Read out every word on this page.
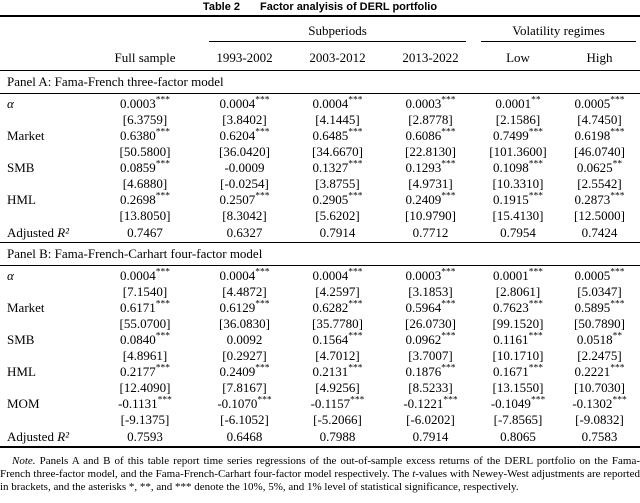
Table 2 Factor analyisis of DERL portfolio

		Subperiods			Volatility regimes	

	Full sample	1993-2002	2003-2012	2013-2022	Low	High
Panel A: Fama-French three-factor model						
α	0.0003***	0.0004***	0.0004***	0.0003***	0.0001**	0.0005***
	[6.3759]	[3.8402]	[4.1445]	[2.8778]	[2.1586]	[4.7450]
Market	0.6380***	0.6204***	0.6485***	0.6086***	0.7499***	0.6198***
	[50.5800]	[36.0420]	[34.6670]	[22.8130]	[101.3600]	[46.0740]
SMB	0.0859***	-0.0009	0.1327***	0.1293***	0.1098***	0.0625**
	[4.6880]	[-0.0254]	[3.8755]	[4.9731]	[10.3310]	[2.5542]
HML	0.2698***	0.2507***	0.2905***	0.2409***	0.1915***	0.2873***
	[13.8050]	[8.3042]	[5.6202]	[10.9790]	[15.4130]	[12.5000]
Adjusted R²	0.7467	0.6327	0.7914	0.7712	0.7954	0.7424
Panel B: Fama-French-Carhart four-factor model						
α	0.0004***	0.0004***	0.0004***	0.0003***	0.0001***	0.0005***
	[7.1540]	[4.4872]	[4.2597]	[3.1853]	[2.8061]	[5.0347]
Market	0.6171***	0.6129***	0.6282***	0.5964***	0.7623***	0.5895***
	[55.0700]	[36.0830]	[35.7780]	[26.0730]	[99.1520]	[50.7890]
SMB	0.0840***	0.0092	0.1564***	0.0962***	0.1161***	0.0518**
	[4.8961]	[0.2927]	[4.7012]	[3.7007]	[10.1710]	[2.2475]
HML	0.2177***	0.2409***	0.2131***	0.1876***	0.1671***	0.2221***
	[12.4090]	[7.8167]	[4.9256]	[8.5233]	[13.1550]	[10.7030]
MOM	-0.1131***	-0.1070***	-0.1157***	-0.1221***	-0.1049***	-0.1302***
	[-9.1375]	[-6.1052]	[-5.2066]	[-6.0202]	[-7.8565]	[-9.0832]
Adjusted R²	0.7593	0.6468	0.7988	0.7914	0.8065	0.7583

Note. Panels A and B of this table report time series regressions of the out-of-sample excess returns of the DERL portfolio on the Fama-French three-factor model, and the Fama-French-Carhart four-factor model respectively. The t-values with Newey-West adjustments are reported in brackets, and the asterisks *, **, and *** denote the 10%, 5%, and 1% level of statistical significance, respectively.
